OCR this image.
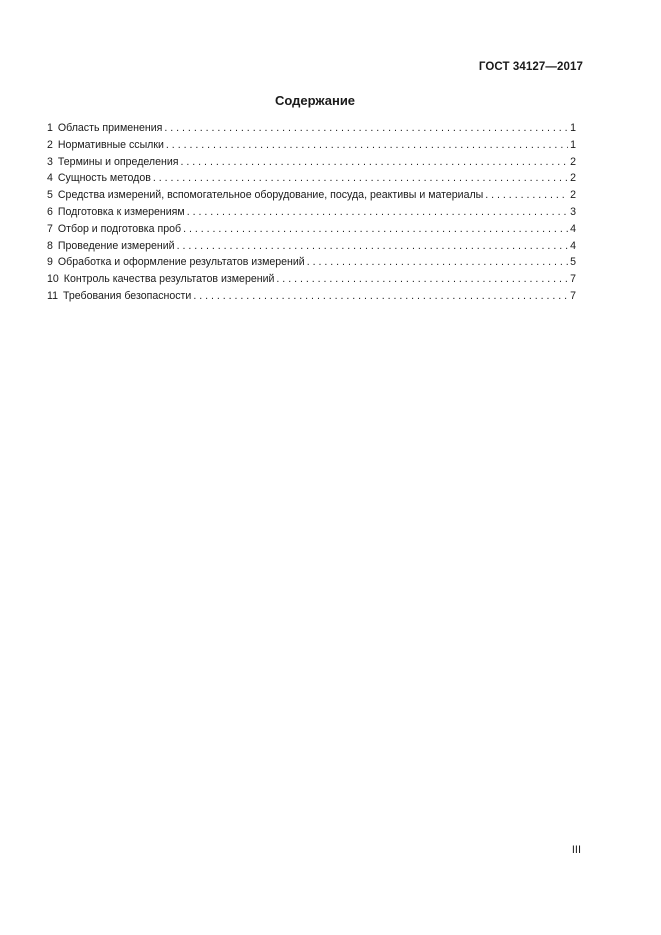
ГОСТ 34127—2017
Содержание
1 Область применения . . .	1
2 Нормативные ссылки . . .	1
3 Термины и определения . . .	2
4 Сущность методов . . .	2
5 Средства измерений, вспомогательное оборудование, посуда, реактивы и материалы . . .	2
6 Подготовка к измерениям . . .	3
7 Отбор и подготовка проб . . .	4
8 Проведение измерений . . .	4
9 Обработка и оформление результатов измерений . . .	5
10 Контроль качества результатов измерений . . .	7
11 Требования безопасности . . .	7
III
